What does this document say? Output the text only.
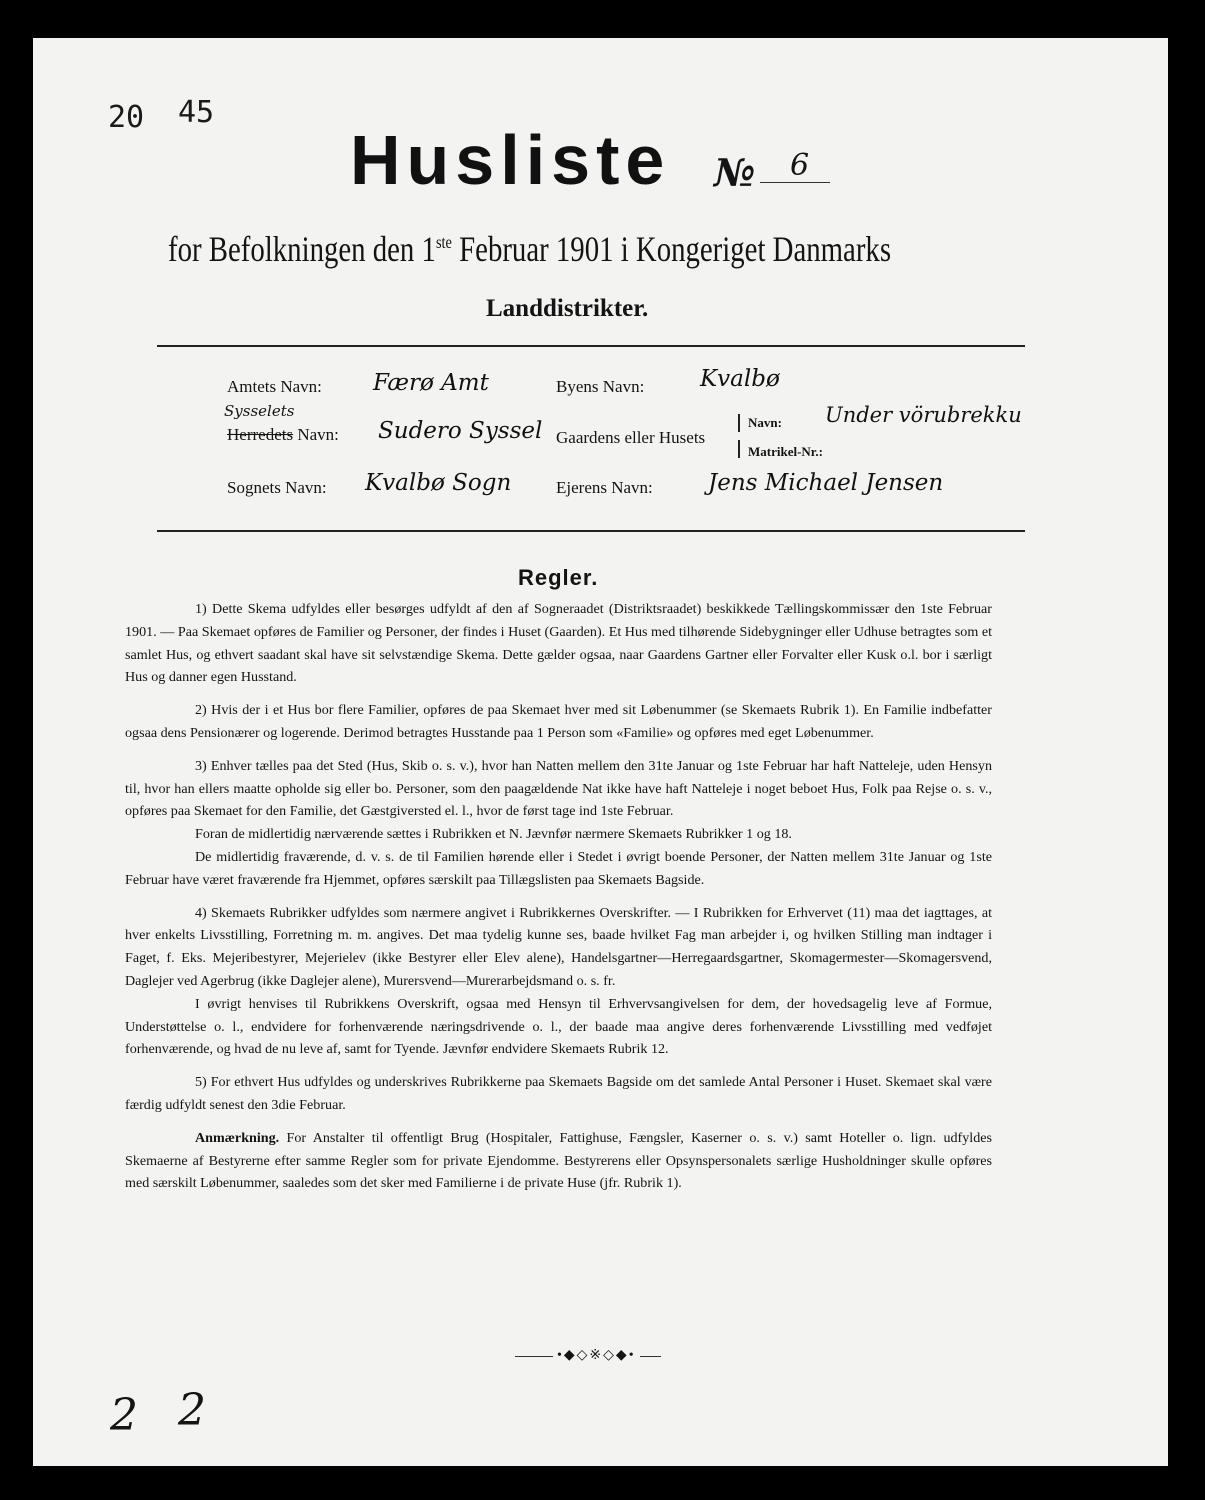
20 45
Husliste № 6
for Befolkningen den 1ste Februar 1901 i Kongeriget Danmarks
Landdistrikter.
Amtets Navn: Færø Amt
Sysselets
Herredets Navn: Sudero Syssel
Sognets Navn: Kvalbø Sogn
Byens Navn: Kvalbø
Gaardens eller Husets
Navn: Under vörubrekku
Matrikel-Nr.:
Ejerens Navn: Jens Michael Jensen
Regler.

1) Dette Skema udfyldes eller besørges udfyldt af den af Sogneraadet (Distriktsraadet) beskikkede Tællingskommissær den 1ste Februar 1901. — Paa Skemaet opføres de Familier og Personer, der findes i Huset (Gaarden). Et Hus med tilhørende Sidebygninger eller Udhuse betragtes som et samlet Hus, og ethvert saadant skal have sit selvstændige Skema. Dette gælder ogsaa, naar Gaardens Gartner eller Forvalter eller Kusk o.l. bor i særligt Hus og danner egen Husstand.

2) Hvis der i et Hus bor flere Familier, opføres de paa Skemaet hver med sit Løbenummer (se Skemaets Rubrik 1). En Familie indbefatter ogsaa dens Pensionærer og logerende. Derimod betragtes Husstande paa 1 Person som «Familie» og opføres med eget Løbenummer.

3) Enhver tælles paa det Sted (Hus, Skib o. s. v.), hvor han Natten mellem den 31te Januar og 1ste Februar har haft Natteleje, uden Hensyn til, hvor han ellers maatte opholde sig eller bo. Personer, som den paagældende Nat ikke have haft Natteleje i noget beboet Hus, Folk paa Rejse o. s. v., opføres paa Skemaet for den Familie, det Gæstgiversted el. l., hvor de først tage ind 1ste Februar.

Foran de midlertidig nærværende sættes i Rubrikken et N. Jævnfør nærmere Skemaets Rubrikker 1 og 18.

De midlertidig fraværende, d. v. s. de til Familien hørende eller i Stedet i øvrigt boende Personer, der Natten mellem 31te Januar og 1ste Februar have været fraværende fra Hjemmet, opføres særskilt paa Tillægslisten paa Skemaets Bagside.

4) Skemaets Rubrikker udfyldes som nærmere angivet i Rubrikkernes Overskrifter. — I Rubrikken for Erhvervet (11) maa det iagttages, at hver enkelts Livsstilling, Forretning m. m. angives. Det maa tydelig kunne ses, baade hvilket Fag man arbejder i, og hvilken Stilling man indtager i Faget, f. Eks. Mejeribestyrer, Mejerielev (ikke Bestyrer eller Elev alene), Handelsgartner—Herregaardsgartner, Skomagermester—Skomagersvend, Daglejer ved Agerbrug (ikke Daglejer alene), Murersvend—Murerarbejdsmand o. s. fr.

I øvrigt henvises til Rubrikkens Overskrift, ogsaa med Hensyn til Erhvervsangivelsen for dem, der hovedsagelig leve af Formue, Understøttelse o. l., endvidere for forhenværende næringsdrivende o. l., der baade maa angive deres forhenværende Livsstilling med vedføjet forhenværende, og hvad de nu leve af, samt for Tyende. Jævnfør endvidere Skemaets Rubrik 12.

5) For ethvert Hus udfyldes og underskrives Rubrikkerne paa Skemaets Bagside om det samlede Antal Personer i Huset. Skemaet skal være færdig udfyldt senest den 3die Februar.

Anmærkning. For Anstalter til offentligt Brug (Hospitaler, Fattighuse, Fængsler, Kaserner o. s. v.) samt Hoteller o. lign. udfyldes Skemaerne af Bestyrerne efter samme Regler som for private Ejendomme. Bestyrerens eller Opsynspersonalets særlige Husholdninger skulle opføres med særskilt Løbenummer, saaledes som det sker med Familierne i de private Huse (jfr. Rubrik 1).

•◆◇※◇◆•
2 2
